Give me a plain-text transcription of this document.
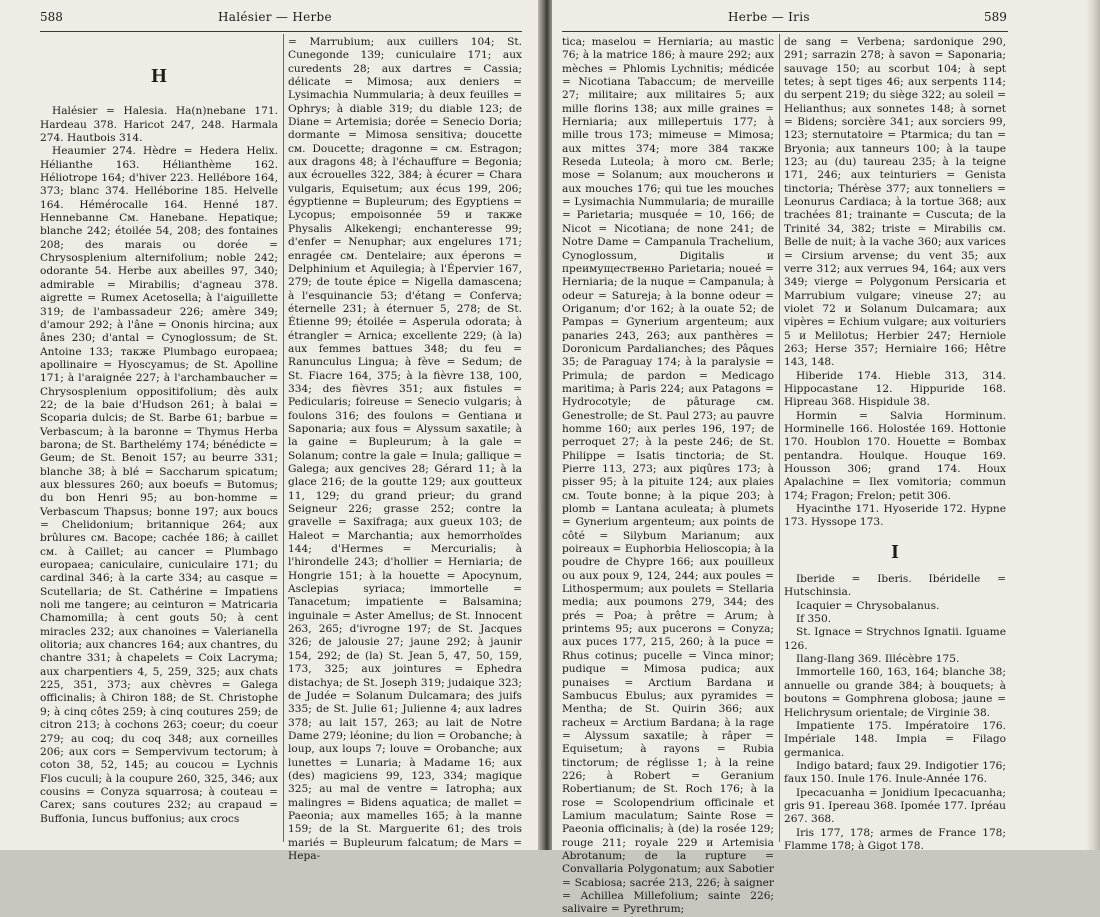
588	Halésier — Herbe
H

Halésier = Halesia. Ha(n)nebane 171. Hardeau 378. Haricot 247, 248. Harmala 274. Hautbois 314.

Heaumier 274. Hèdre = Hedera Helix. Hélianthe 163. Hélianthème 162. Héliotrope 164; d'hiver 223. Hellébore 164, 373; blanc 374. Helléborine 185. Helvelle 164. Hémérocalle 164. Henné 187. Hennebanne См. Hanebane. Hepatique; blanche 242; étoilée 54, 208; des fontaines 208; des marais ou dorée = Chrysosplenium alternifolium; noble 242; odorante 54. Herbe aux abeilles 97, 340; admirable = Mirabilis; d'agneau 378. aigrette = Rumex Acetosella; à l'aiguillette 319; de l'ambassadeur 226; amère 349; d'amour 292; à l'âne = Ononis hircina; aux ânes 230; d'antal = Cynoglossum; de St. Antoine 133; также Plumbago europaea; apollinaire = Hyoscyamus; de St. Apolline 171; à l'araignée 227; à l'archambaucher = Chrysosplenium oppositifolium; dès aulx 22; de la baie d'Hudson 261; à balai = Scoparia dulcis; de St. Barbe 61; barbue = Verbascum; à la baronne = Thymus Herba barona; de St. Barthelémy 174; bénédicte = Geum; de St. Benoit 157; au beurre 331; blanche 38; à blé = Saccharum spicatum; aux blessures 260; aux boeufs = Butomus; du bon Henri 95; au bon-homme = Verbascum Thapsus; bonne 197; aux boucs = Chelidonium; britannique 264; aux brûlures см. Bacope; cachée 186; à caillet см. à Caillet; au cancer = Plumbago europaea; caniculaire, cuniculaire 171; du cardinal 346; à la carte 334; au casque = Scutellaria; de St. Cathérine = Impatiens noli me tangere; au ceinturon = Matricaria Chamomilla; à cent gouts 50; à cent miracles 232; aux chanoines = Valerianella olitoria; aux chancres 164; aux chantres, du chantre 331; à chapelets = Coix Lacryma; aux charpentiers 4, 5, 259, 325; aux chats 225, 351, 373; aux chèvres = Galega officinalis; à Chiron 188; de St. Christophe 9; à cinq côtes 259; à cinq coutures 259; de citron 213; à cochons 263; coeur; du coeur 279; au coq; du coq 348; aux corneilles 206; aux cors = Sempervivum tectorum; à coton 38, 52, 145; au coucou = Lychnis Flos cuculi; à la coupure 260, 325, 346; aux cousins = Conyza squarrosa; à couteau = Carex; sans coutures 232; au crapaud = Buffonia, Iuncus buffonius; aux crocs

= Marrubium; aux cuillers 104; St. Cunegonde 139; cuniculaire 171; aux curedents 28; aux dartres = Cassia; délicate = Mimosa; aux deniers = Lysimachia Nummularia; à deux feuilles = Ophrys; à diable 319; du diable 123; de Diane = Artemisia; dorée = Senecio Doria; dormante = Mimosa sensitiva; doucette см. Doucette; dragonne = см. Estragon; aux dragons 48; à l'échauffure = Begonia; aux écrouelles 322, 384; à écurer = Chara vulgaris, Equisetum; aux écus 199, 206; égyptienne = Bupleurum; des Egyptiens = Lycopus; empoisonnée 59 и также Physalis Alkekengi; enchanteresse 99; d'enfer = Nenuphar; aux engelures 171; enragée см. Dentelaire; aux éperons = Delphinium et Aquilegia; à l'Épervier 167, 279; de toute épice = Nigella damascena; à l'esquinancie 53; d'étang = Conferva; éternelle 231; à éternuer 5, 278; de St. Étienne 99; étoilée = Asperula odorata; à étrangler = Arnica; excellente 229; (à la) aux femmes battues 348; du feu = Ranunculus Lingua; à fève = Sedum; de St. Fiacre 164, 375; à la fièvre 138, 100, 334; des fièvres 351; aux fistules = Pedicularis; foireuse = Senecio vulgaris; à foulons 316; des foulons = Gentiana и Saponaria; aux fous = Alyssum saxatile; à la gaine = Bupleurum; à la gale = Solanum; contre la gale = Inula; gallique = Galega; aux gencives 28; Gérard 11; à la glace 216; de la goutte 129; aux goutteux 11, 129; du grand prieur; du grand Seigneur 226; grasse 252; contre la gravelle = Saxifraga; aux gueux 103; de Haleot = Marchantia; aux hemorrhoïdes 144; d'Hermes = Mercurialis; à l'hirondelle 243; d'hollier = Herniaria; de Hongrie 151; à la houette = Apocynum, Asclepias syriaca; immortelle = Tanacetum; impatiente = Balsamina; inguinale = Aster Amellus; de St. Innocent 263, 265; d'ivrogne 197; de St. Jacques 326; de jalousie 27; jaune 292; à jaunir 154, 292; de (la) St. Jean 5, 47, 50, 159, 173, 325; aux jointures = Ephedra distachya; de St. Joseph 319; judaique 323; de Judée = Solanum Dulcamara; des juifs 335; de St. Julie 61; Julienne 4; aux ladres 378; au lait 157, 263; au lait de Notre Dame 279; léonine; du lion = Orobanche; à loup, aux loups 7; louve = Orobanche; aux lunettes = Lunaria; à Madame 16; aux (des) magiciens 99, 123, 334; magique 325; au mal de ventre = Iatropha; aux malingres = Bidens aquatica; de mallet = Paeonia; aux mamelles 165; à la manne 159; de la St. Marguerite 61; des trois mariés = Bupleurum falcatum; de Mars = Hepa-

Herbe — Iris	589

tica; maselou = Herniaria; au mastic 76; à la matrice 186; à maure 292; aux mèches = Phlomis Lychnitis; médicée = Nicotiana Tabaccum; de merveille 27; militaire; aux militaires 5; aux mille florins 138; aux mille graines = Herniaria; aux millepertuis 177; à mille trous 173; mimeuse = Mimosa; aux mittes 374; more 384 также Reseda Luteola; à moro см. Berle; mose = Solanum; aux moucherons и aux mouches 176; qui tue les mouches = Lysimachia Nummularia; de muraille = Parietaria; musquée = 10, 166; de Nicot = Nicotiana; de none 241; de Notre Dame = Campanula Trachelium, Cynoglossum, Digitalis и преимущественно Parietaria; noueé = Herniaria; de la nuque = Campanula; à odeur = Satureja; à la bonne odeur = Origanum; d'or 162; à la ouate 52; de Pampas = Gynerium argenteum; aux panaries 243, 263; aux panthères = Doronicum Pardalianches; des Pâques 35; de Paraguay 174; à la paralysie = Primula; de pardon = Medicago maritima; à Paris 224; aux Patagons = Hydrocotyle; de pâturage см. Genestrolle; de St. Paul 273; au pauvre homme 160; aux perles 196, 197; de perroquet 27; à la peste 246; de St. Philippe = Isatis tinctoria; de St. Pierre 113, 273; aux piqûres 173; à pisser 95; à la pituite 124; aux plaies см. Toute bonne; à la pique 203; à plomb = Lantana aculeata; à plumets = Gynerium argenteum; aux points de côté = Silybum Marianum; aux poireaux = Euphorbia Helioscopia; à la poudre de Chypre 166; aux pouilleux ou aux poux 9, 124, 244; aux poules = Lithospermum; aux poulets = Stellaria media; aux poumons 279, 344; des prés = Poa; à prêtre = Arum; à printems 95; aux pucerons = Conyza; aux puces 177, 215, 260; à la puce = Rhus cotinus; pucelle = Vinca minor; pudique = Mimosa pudica; aux punaises = Arctium Bardana и Sambucus Ebulus; aux pyramides = Mentha; de St. Quirin 366; aux racheux = Arctium Bardana; à la rage = Alyssum saxatile; à râper = Equisetum; à rayons = Rubia tinctorum; de réglisse 1; à la reine 226; à Robert = Geranium Robertianum; de St. Roch 176; à la rose = Scolopendrium officinale et Lamium maculatum; Sainte Rose = Paeonia officinalis; à (de) la rosée 129; rouge 211; royale 229 и Artemisia Abrotanum; de la rupture = Convallaria Polygonatum; aux Sabotier = Scabiosa; sacrée 213, 226; à saigner = Achillea Millefolium; sainte 226; salivaire = Pyrethrum;

de sang = Verbena; sardonique 290, 291; sarrazin 278; à savon = Saponaria; sauvage 150; au scorbut 104; à sept tetes; à sept tiges 46; aux serpents 114; du serpent 219; du siège 322; au soleil = Helianthus; aux sonnetes 148; à sornet = Bidens; sorcière 341; aux sorciers 99, 123; sternutatoire = Ptarmica; du tan = Bryonia; aux tanneurs 100; à la taupe 123; au (du) taureau 235; à la teigne 171, 246; aux teinturiers = Genista tinctoria; Thérèse 377; aux tonneliers = Leonurus Cardiaca; à la tortue 368; aux trachées 81; trainante = Cuscuta; de la Trinité 34, 382; triste = Mirabilis см. Belle de nuit; à la vache 360; aux varices = Cirsium arvense; du vent 35; aux verre 312; aux verrues 94, 164; aux vers 349; vierge = Polygonum Persicaria et Marrubium vulgare; vineuse 27; au violet 72 и Solanum Dulcamara; aux vipères = Echium vulgare; aux voituriers 5 и Melilotus; Herbier 247; Herniole 263; Herse 357; Herniaire 166; Hêtre 143, 148.

Hiberide 174. Hieble 313, 314. Hippocastane 12. Hippuride 168. Hipreau 368. Hispidule 38.

Hormin = Salvia Horminum. Horminelle 166. Holostée 169. Hottonie 170. Houblon 170. Houette = Bombax pentandra. Houlque. Houque 169. Housson 306; grand 174. Houx Apalachine = Ilex vomitoria; commun 174; Fragon; Frelon; petit 306.

Hyacinthe 171. Hyoseride 172. Hypne 173. Hyssope 173.

I

Iberide = Iberis. Ibéridelle = Hutschinsia.

Icaquier = Chrysobalanus.

If 350.

St. Ignace = Strychnos Ignatii. Iguame 126.

Ilang-Ilang 369. Illécèbre 175.

Immortelle 160, 163, 164; blanche 38; annuelle ou grande 384; à bouquets; à boutons = Gomphrena globosa; jaune = Helichrysum orientale; de Virginie 38.

Impatiente 175. Impératoire 176. Impériale 148. Impia = Filago germanica.

Indigo batard; faux 29. Indigotier 176; faux 150. Inule 176. Inule-Année 176.

Ipecacuanha = Jonidium Ipecacuanha; gris 91. Ipereau 368. Ipomée 177. Ipréau 267. 368.

Iris 177, 178; armes de France 178; Flamme 178; à Gigot 178.
